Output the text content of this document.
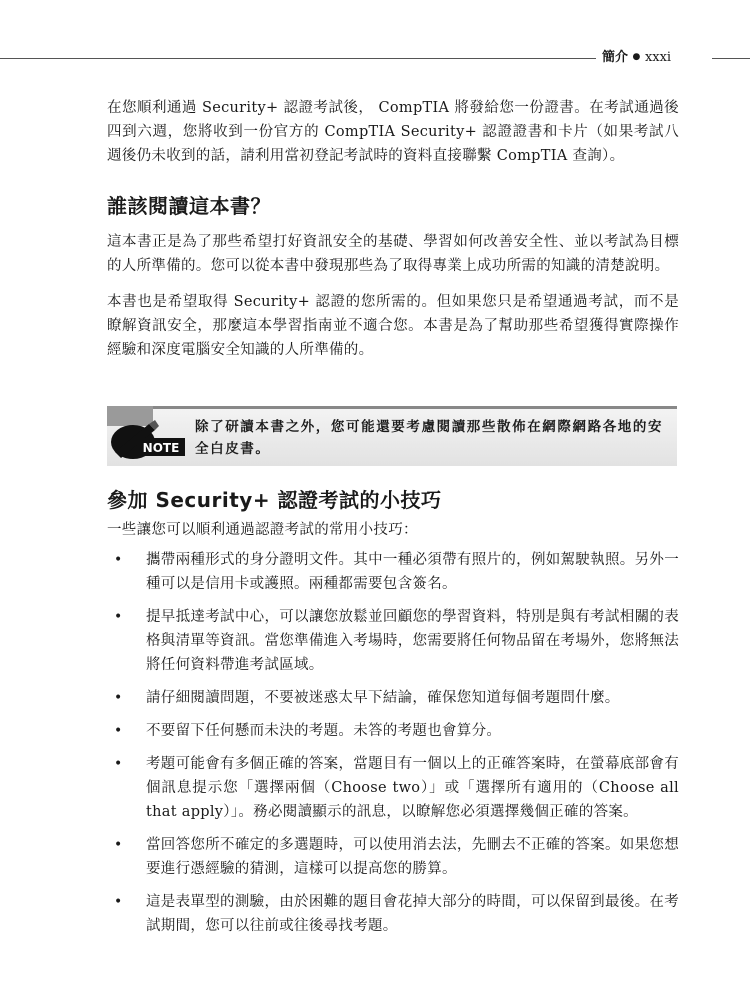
簡介 ● xxxi

在您順利通過 Security+ 認證考試後， CompTIA 將發給您一份證書。在考試通過後四到六週，您將收到一份官方的 CompTIA Security+ 認證證書和卡片（如果考試八週後仍未收到的話，請利用當初登記考試時的資料直接聯繫 CompTIA 查詢）。

誰該閱讀這本書？

這本書正是為了那些希望打好資訊安全的基礎、學習如何改善安全性、並以考試為目標的人所準備的。您可以從本書中發現那些為了取得專業上成功所需的知識的清楚說明。

本書也是希望取得 Security+ 認證的您所需的。但如果您只是希望通過考試，而不是瞭解資訊安全，那麼這本學習指南並不適合您。本書是為了幫助那些希望獲得實際操作經驗和深度電腦安全知識的人所準備的。

NOTE
除了研讀本書之外，您可能還要考慮閱讀那些散佈在網際網路各地的安全白皮書。
參加 Security+ 認證考試的小技巧

一些讓您可以順利通過認證考試的常用小技巧：

• 攜帶兩種形式的身分證明文件。其中一種必須帶有照片的，例如駕駛執照。另外一種可以是信用卡或護照。兩種都需要包含簽名。
• 提早抵達考試中心，可以讓您放鬆並回顧您的學習資料，特別是與有考試相關的表格與清單等資訊。當您準備進入考場時，您需要將任何物品留在考場外，您將無法將任何資料帶進考試區域。
• 請仔細閱讀問題，不要被迷惑太早下結論，確保您知道每個考題問什麼。
• 不要留下任何懸而未決的考題。未答的考題也會算分。
• 考題可能會有多個正確的答案，當題目有一個以上的正確答案時，在螢幕底部會有個訊息提示您「選擇兩個（Choose two）」或「選擇所有適用的（Choose all that apply）」。務必閱讀顯示的訊息，以瞭解您必須選擇幾個正確的答案。
• 當回答您所不確定的多選題時，可以使用消去法，先刪去不正確的答案。如果您想要進行憑經驗的猜測，這樣可以提高您的勝算。
• 這是表單型的測驗，由於困難的題目會花掉大部分的時間，可以保留到最後。在考試期間，您可以往前或往後尋找考題。
